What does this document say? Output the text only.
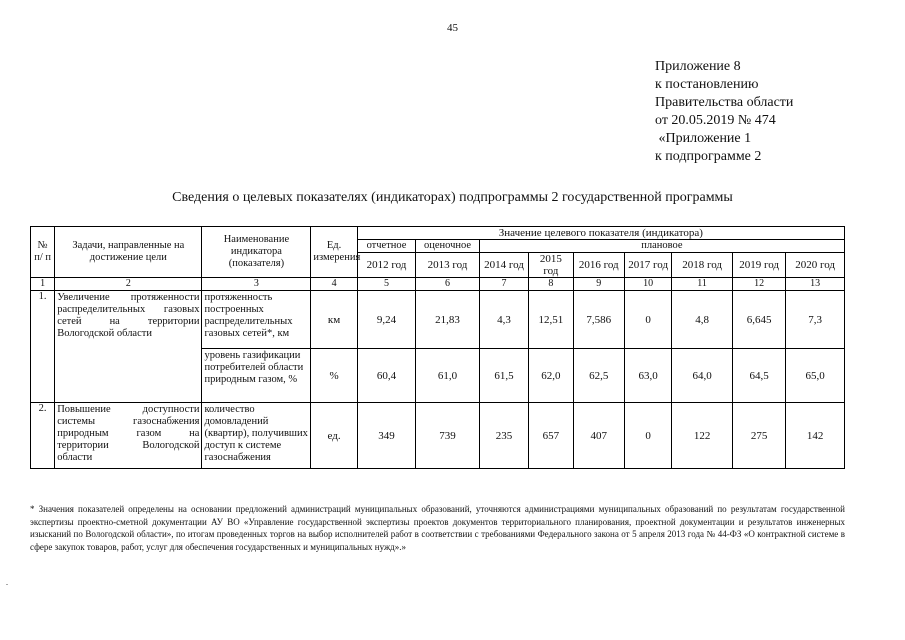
45
Приложение 8
к постановлению
Правительства области
от 20.05.2019 № 474
«Приложение 1
к подпрограмме 2
Сведения о целевых показателях (индикаторах) подпрограммы 2 государственной программы
№ п/ п	Задачи, направленные на достижение цели	Наименование индикатора (показателя)	Ед. измерения	Значение целевого показателя (индикатора)								
				отчетное	оценочное	плановое						
				2012 год	2013 год	2014 год	2015 год	2016 год	2017 год	2018 год	2019 год	2020 год

1	2	3	4	5	6	7	8	9	10	11	12	13
1.	Увеличение протяженности распределительных газовых сетей на территории Вологодской области	протяженность построенных распределительных газовых сетей*, км	км	9,24	21,83	4,3	12,51	7,586	0	4,8	6,645	7,3
		уровень газификации потребителей области природным газом, %	%	60,4	61,0	61,5	62,0	62,5	63,0	64,0	64,5	65,0
2.	Повышение доступности системы газоснабжения природным газом на территории Вологодской области	количество домовладений (квартир), получивших доступ к системе газоснабжения	ед.	349	739	235	657	407	0	122	275	142
* Значения показателей определены на основании предложений администраций муниципальных образований, уточняются администрациями муниципальных образований по результатам государственной экспертизы проектно-сметной документации АУ ВО «Управление государственной экспертизы проектов документов территориального планирования, проектной документации и результатов инженерных изысканий по Вологодской области», по итогам проведенных торгов на выбор исполнителей работ в соответствии с требованиями Федерального закона от 5 апреля 2013 года № 44-ФЗ «О контрактной системе в сфере закупок товаров, работ, услуг для обеспечения государственных и муниципальных нужд».»
.
